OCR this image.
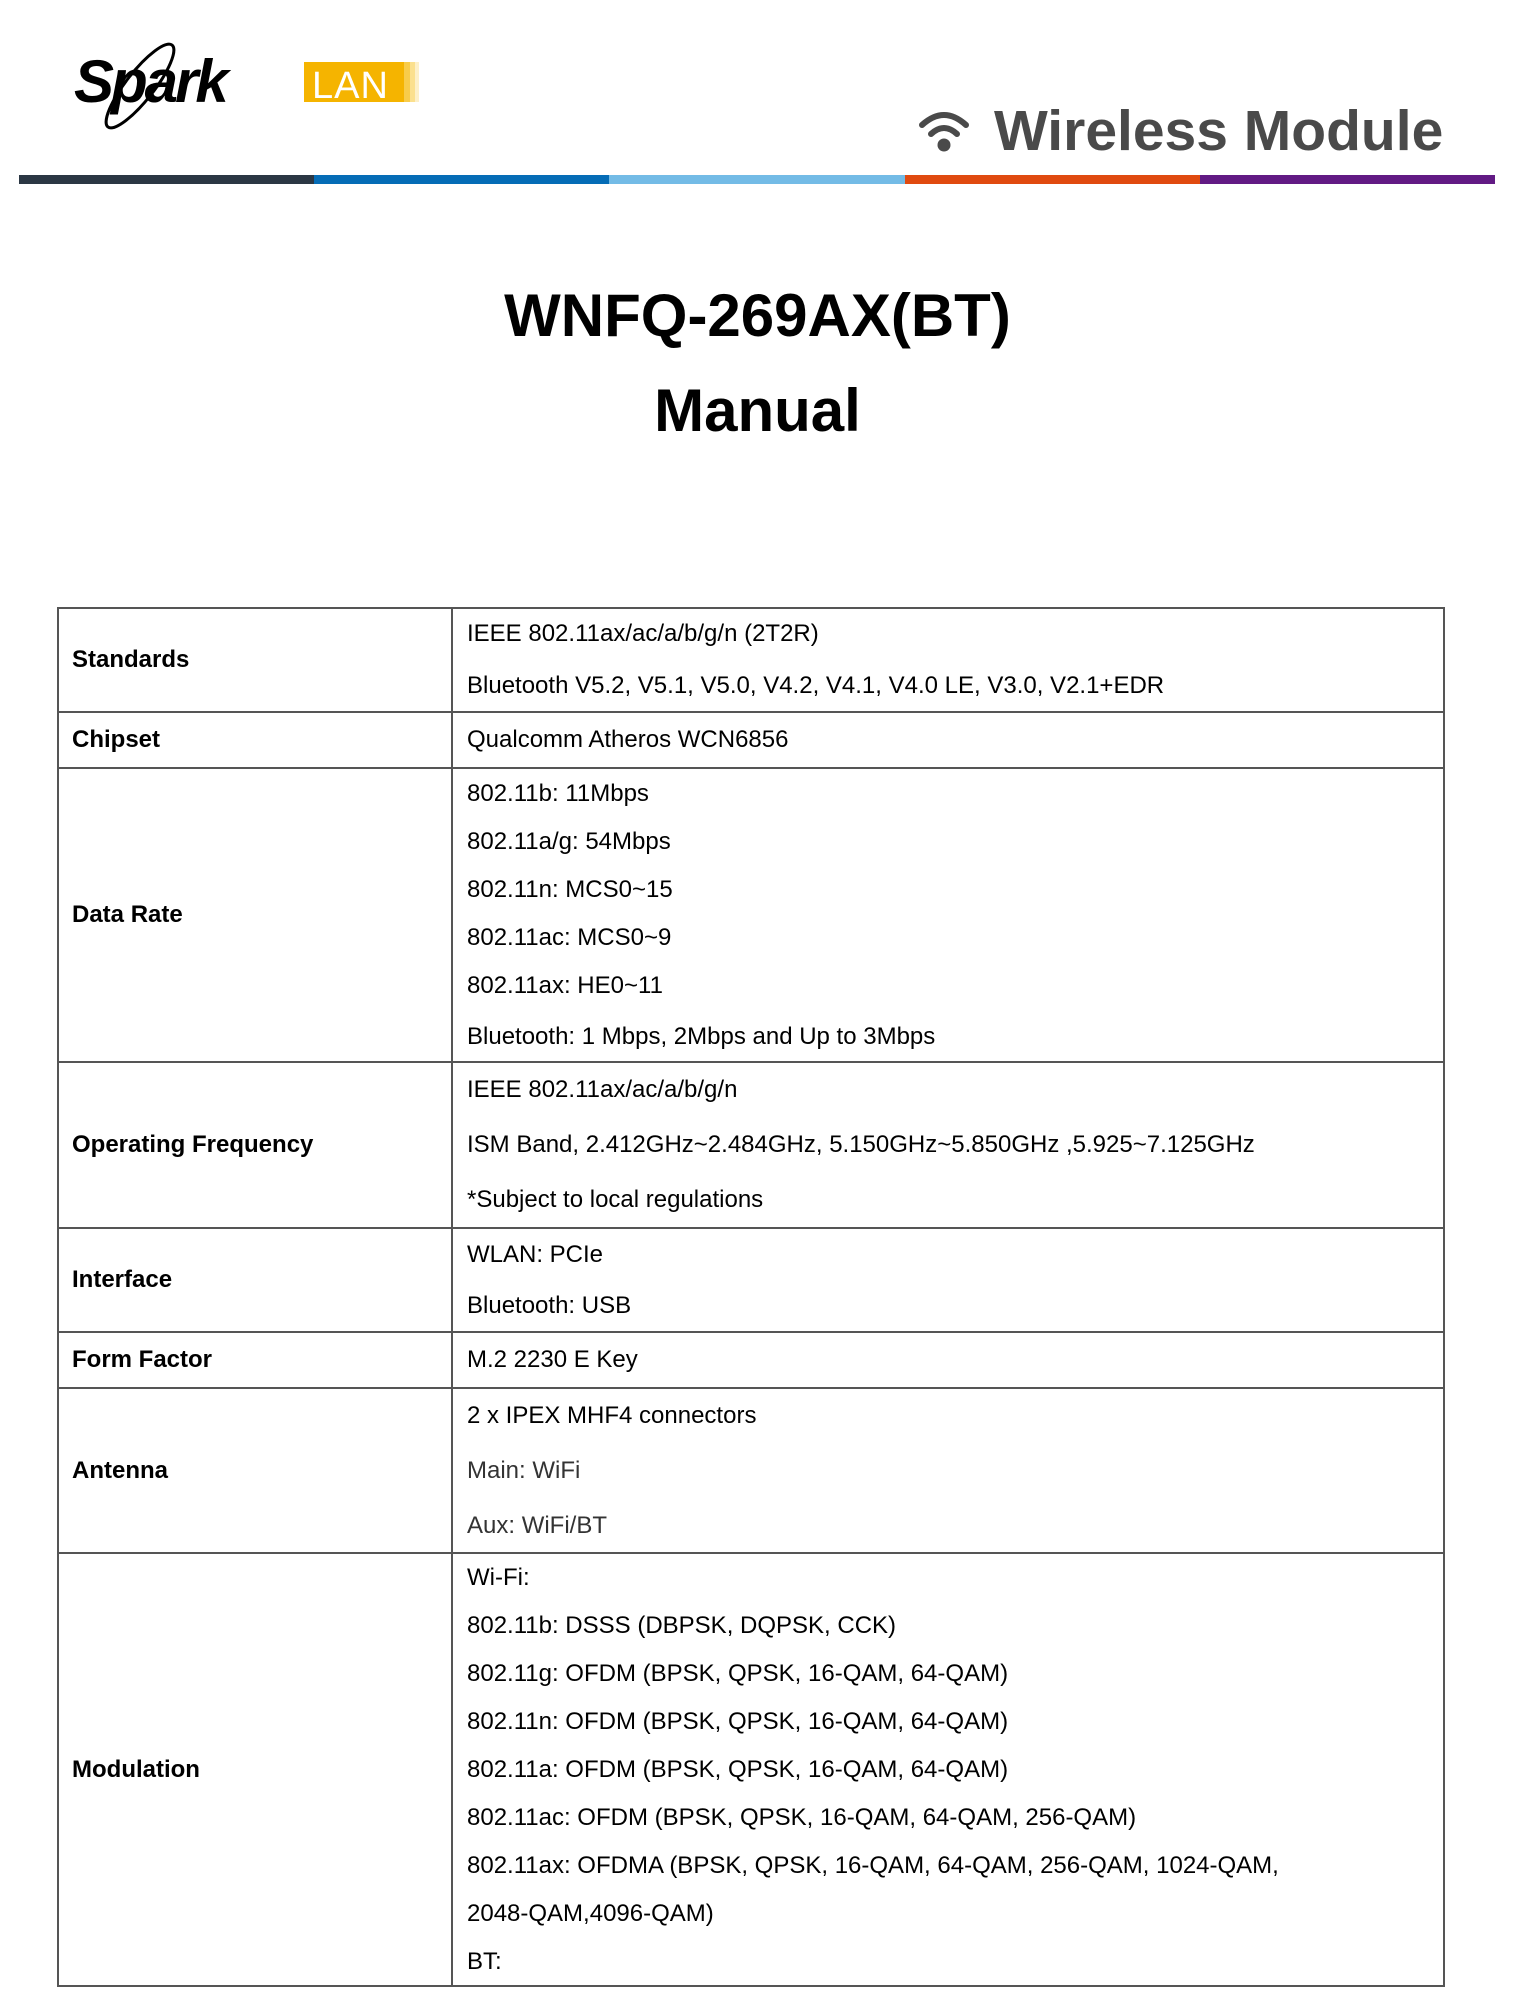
Spark LAN
Wireless Module
WNFQ-269AX(BT)
Manual
Standards	IEEE 802.11ax/ac/a/b/g/n (2T2R)
Bluetooth V5.2, V5.1, V5.0, V4.2, V4.1, V4.0 LE, V3.0, V2.1+EDR

Chipset	Qualcomm Atheros WCN6856
Data Rate	
802.11b: 11Mbps
802.11a/g: 54Mbps
802.11n: MCS0~15
802.11ac: MCS0~9
802.11ax: HE0~11
Bluetooth: 1 Mbps, 2Mbps and Up to 3Mbps

Operating Frequency	IEEE 802.11ax/ac/a/b/g/n
ISM Band, 2.412GHz~2.484GHz, 5.150GHz~5.850GHz ,5.925~7.125GHz
*Subject to local regulations

Interface	WLAN: PCIe
Bluetooth: USB

Form Factor	M.2 2230 E Key
Antenna	2 x IPEX MHF4 connectors
Main: WiFi
Aux: WiFi/BT

Modulation	
Wi-Fi:
802.11b: DSSS (DBPSK, DQPSK, CCK)
802.11g: OFDM (BPSK, QPSK, 16-QAM, 64-QAM)
802.11n: OFDM (BPSK, QPSK, 16-QAM, 64-QAM)
802.11a: OFDM (BPSK, QPSK, 16-QAM, 64-QAM)
802.11ac: OFDM (BPSK, QPSK, 16-QAM, 64-QAM, 256-QAM)
802.11ax: OFDMA (BPSK, QPSK, 16-QAM, 64-QAM, 256-QAM, 1024-QAM,
2048-QAM,4096-QAM)
BT:
